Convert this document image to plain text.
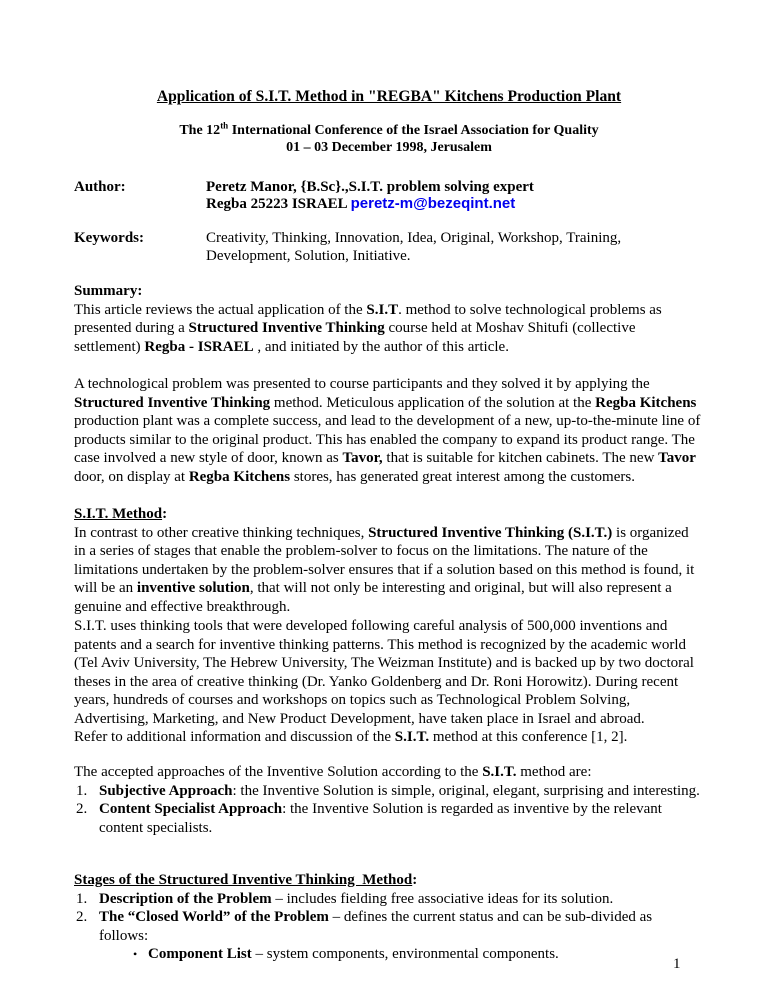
Application of S.I.T. Method in "REGBA" Kitchens Production Plant
The 12th International Conference of the Israel Association for Quality
01 – 03 December 1998, Jerusalem
Author:	Peretz Manor, {B.Sc}.,S.I.T. problem solving expert
Regba 25223 ISRAEL peretz-m@bezeqint.net
Keywords:	Creativity, Thinking, Innovation, Idea, Original, Workshop, Training,
Development, Solution, Initiative.
Summary:
This article reviews the actual application of the S.I.T. method to solve technological problems as presented during a Structured Inventive Thinking course held at Moshav Shitufi (collective settlement) Regba - ISRAEL , and initiated by the author of this article.
A technological problem was presented to course participants and they solved it by applying the Structured Inventive Thinking method. Meticulous application of the solution at the Regba Kitchens production plant was a complete success, and lead to the development of a new, up-to-the-minute line of products similar to the original product. This has enabled the company to expand its product range. The case involved a new style of door, known as Tavor, that is suitable for kitchen cabinets. The new Tavor door, on display at Regba Kitchens stores, has generated great interest among the customers.
S.I.T. Method:
In contrast to other creative thinking techniques, Structured Inventive Thinking (S.I.T.) is organized in a series of stages that enable the problem-solver to focus on the limitations. The nature of the limitations undertaken by the problem-solver ensures that if a solution based on this method is found, it will be an inventive solution, that will not only be interesting and original, but will also represent a genuine and effective breakthrough.
S.I.T. uses thinking tools that were developed following careful analysis of 500,000 inventions and patents and a search for inventive thinking patterns. This method is recognized by the academic world (Tel Aviv University, The Hebrew University, The Weizman Institute) and is backed up by two doctoral theses in the area of creative thinking (Dr. Yanko Goldenberg and Dr. Roni Horowitz). During recent years, hundreds of courses and workshops on topics such as Technological Problem Solving, Advertising, Marketing, and New Product Development, have taken place in Israel and abroad.
Refer to additional information and discussion of the S.I.T. method at this conference [1, 2].
The accepted approaches of the Inventive Solution according to the S.I.T. method are:
1. Subjective Approach: the Inventive Solution is simple, original, elegant, surprising and interesting.
2. Content Specialist Approach: the Inventive Solution is regarded as inventive by the relevant content specialists.
Stages of the Structured Inventive Thinking  Method:
1. Description of the Problem – includes fielding free associative ideas for its solution.
2. The “Closed World” of the Problem – defines the current status and can be sub-divided as follows:
• Component List – system components, environmental components.
1
